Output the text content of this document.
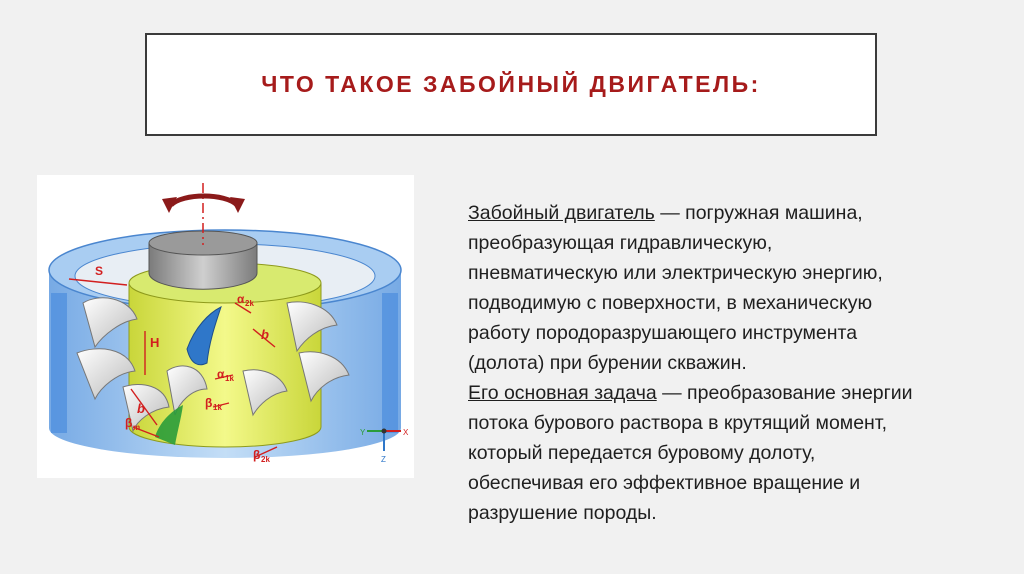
ЧТО ТАКОЕ ЗАБОЙНЫЙ ДВИГАТЕЛЬ:
S
H
b
b
α 2k
α 1k
β 1k
β m
β 2k
Y	X
Z

Забойный двигатель — погружная машина,
преобразующая гидравлическую,
пневматическую или электрическую энергию,
подводимую с поверхности, в механическую
работу породоразрушающего инструмента
(долота) при бурении скважин.

Его основная задача — преобразование энергии
потока бурового раствора в крутящий момент,
который передается буровому долоту,
обеспечивая его эффективное вращение и
разрушение породы.
